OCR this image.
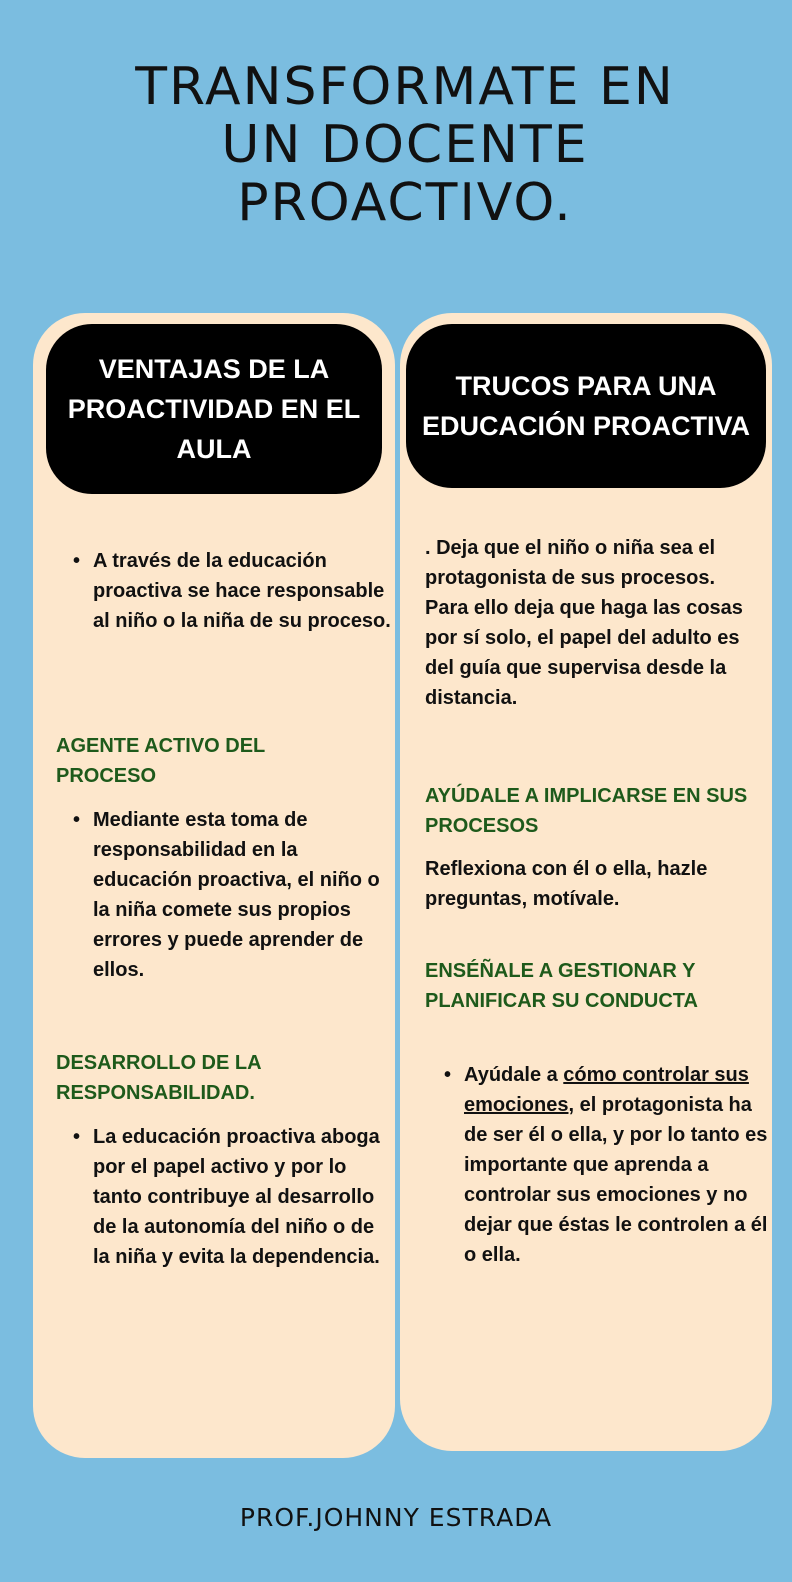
TRANSFORMATE EN
UN DOCENTE
PROACTIVO.
VENTAJAS DE LA PROACTIVIDAD EN EL AULA
• A través de la educación proactiva se hace responsable al niño o la niña de su proceso.
AGENTE ACTIVO DEL PROCESO
• Mediante esta toma de responsabilidad en la educación proactiva, el niño o la niña comete sus propios errores y puede aprender de ellos.
DESARROLLO DE LA RESPONSABILIDAD.
• La educación proactiva aboga por el papel activo y por lo tanto contribuye al desarrollo de la autonomía del niño o de la niña y evita la dependencia.
TRUCOS PARA UNA EDUCACIÓN PROACTIVA
. Deja que el niño o niña sea el protagonista de sus procesos. Para ello deja que haga las cosas por sí solo, el papel del adulto es del guía que supervisa desde la distancia.
AYÚDALE A IMPLICARSE EN SUS PROCESOS
Reflexiona con él o ella, hazle preguntas, motívale.
ENSÉÑALE A GESTIONAR Y PLANIFICAR SU CONDUCTA
• Ayúdale a cómo controlar sus emociones, el protagonista ha de ser él o ella, y por lo tanto es importante que aprenda a controlar sus emociones y no dejar que éstas le controlen a él o ella.
PROF.JOHNNY ESTRADA
